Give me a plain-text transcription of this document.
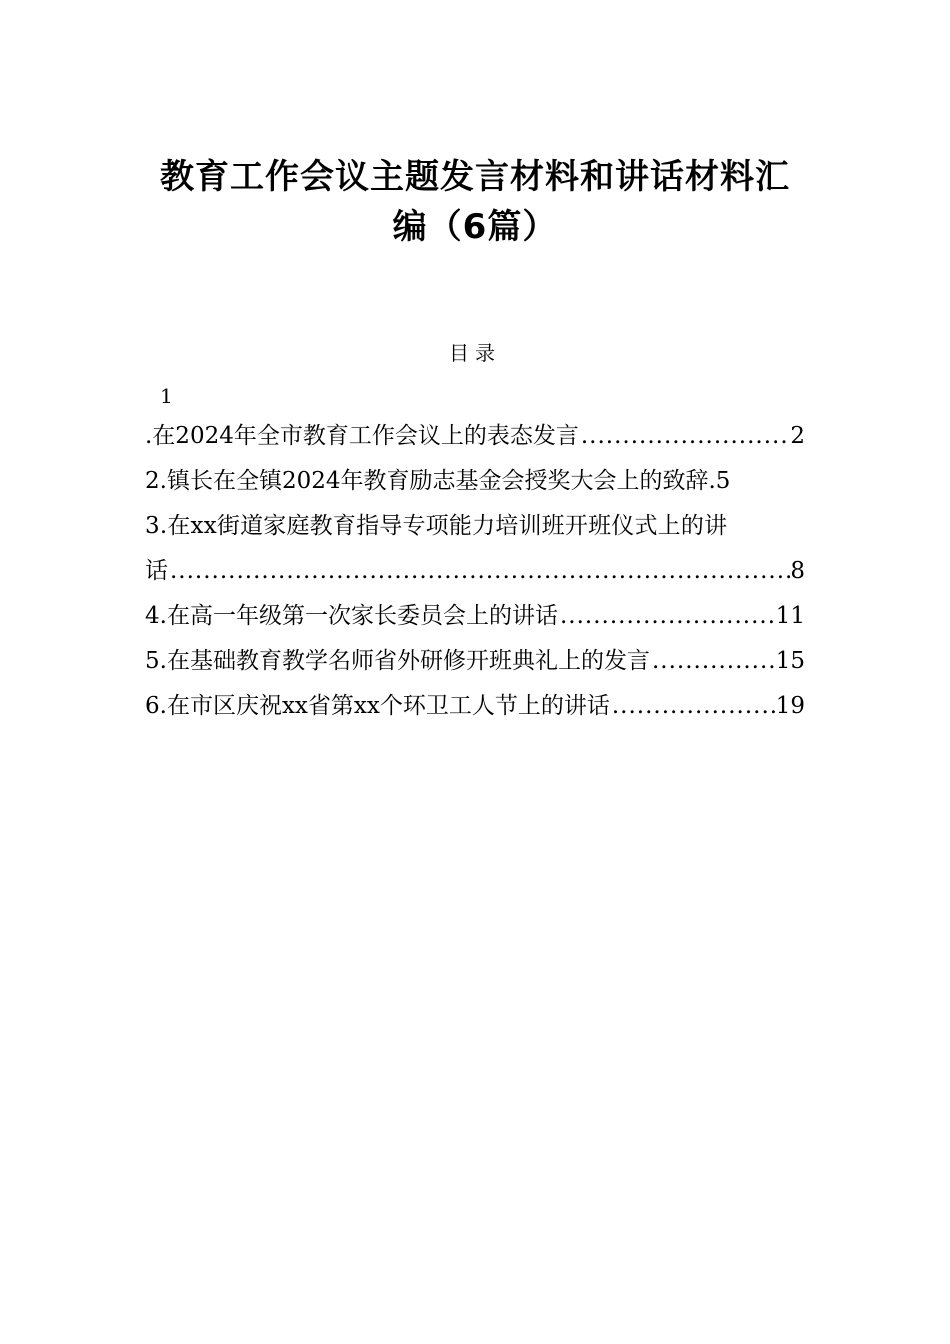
教育工作会议主题发言材料和讲话材料汇
编（6篇）
目录
1
.在2024年全市教育工作会议上的表态发言 .....	2
2.镇长在全镇2024年教育励志基金会授奖大会上的致辞. 5
3.在xx街道家庭教育指导专项能力培训班开班仪式上的讲
话 .....	8
4.在高一年级第一次家长委员会上的讲话 .....	11
5.在基础教育教学名师省外研修开班典礼上的发言 .....	15
6.在市区庆祝xx省第xx个环卫工人节上的讲话 .....	19
